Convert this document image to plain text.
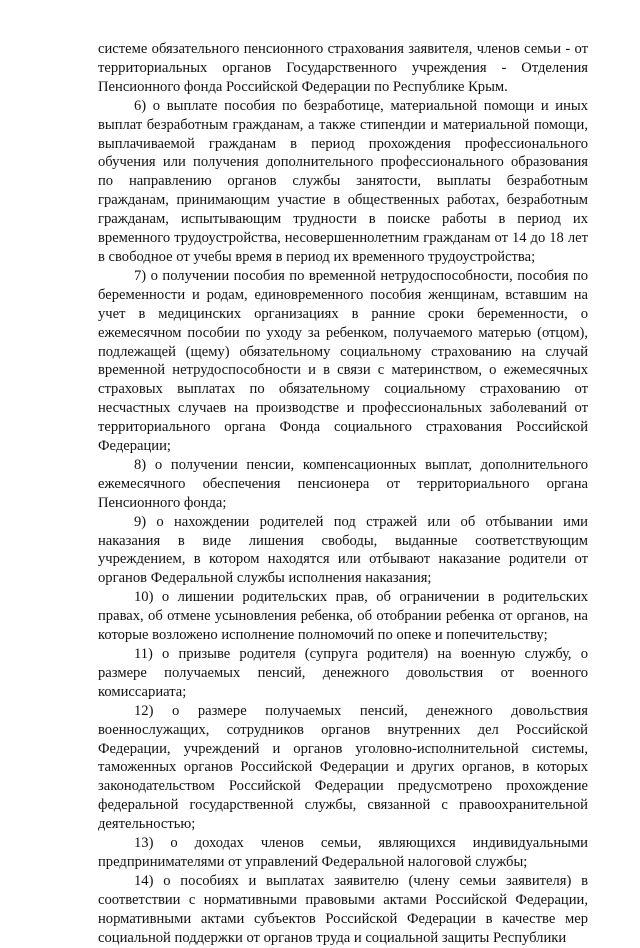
системе обязательного пенсионного страхования заявителя, членов семьи - от территориальных органов Государственного учреждения - Отделения Пенсионного фонда Российской Федерации по Республике Крым.

6) о выплате пособия по безработице, материальной помощи и иных выплат безработным гражданам, а также стипендии и материальной помощи, выплачиваемой гражданам в период прохождения профессионального обучения или получения дополнительного профессионального образования по направлению органов службы занятости, выплаты безработным гражданам, принимающим участие в общественных работах, безработным гражданам, испытывающим трудности в поиске работы в период их временного трудоустройства, несовершеннолетним гражданам от 14 до 18 лет в свободное от учебы время в период их временного трудоустройства;

7) о получении пособия по временной нетрудоспособности, пособия по беременности и родам, единовременного пособия женщинам, вставшим на учет в медицинских организациях в ранние сроки беременности, о ежемесячном пособии по уходу за ребенком, получаемого матерью (отцом), подлежащей (щему) обязательному социальному страхованию на случай временной нетрудоспособности и в связи с материнством, о ежемесячных страховых выплатах по обязательному социальному страхованию от несчастных случаев на производстве и профессиональных заболеваний от территориального органа Фонда социального страхования Российской Федерации;

8) о получении пенсии, компенсационных выплат, дополнительного ежемесячного обеспечения пенсионера от территориального органа Пенсионного фонда;

9) о нахождении родителей под стражей или об отбывании ими наказания в виде лишения свободы, выданные соответствующим учреждением, в котором находятся или отбывают наказание родители от органов Федеральной службы исполнения наказания;

10) о лишении родительских прав, об ограничении в родительских правах, об отмене усыновления ребенка, об отобрании ребенка от органов, на которые возложено исполнение полномочий по опеке и попечительству;

11) о призыве родителя (супруга родителя) на военную службу, о размере получаемых пенсий, денежного довольствия от военного комиссариата;

12) о размере получаемых пенсий, денежного довольствия военнослужащих, сотрудников органов внутренних дел Российской Федерации, учреждений и органов уголовно-исполнительной системы, таможенных органов Российской Федерации и других органов, в которых законодательством Российской Федерации предусмотрено прохождение федеральной государственной службы, связанной с правоохранительной деятельностью;

13) о доходах членов семьи, являющихся индивидуальными предпринимателями от управлений Федеральной налоговой службы;

14) о пособиях и выплатах заявителю (члену семьи заявителя) в соответствии с нормативными правовыми актами Российской Федерации, нормативными актами субъектов Российской Федерации в качестве мер социальной поддержки от органов труда и социальной защиты Республики
